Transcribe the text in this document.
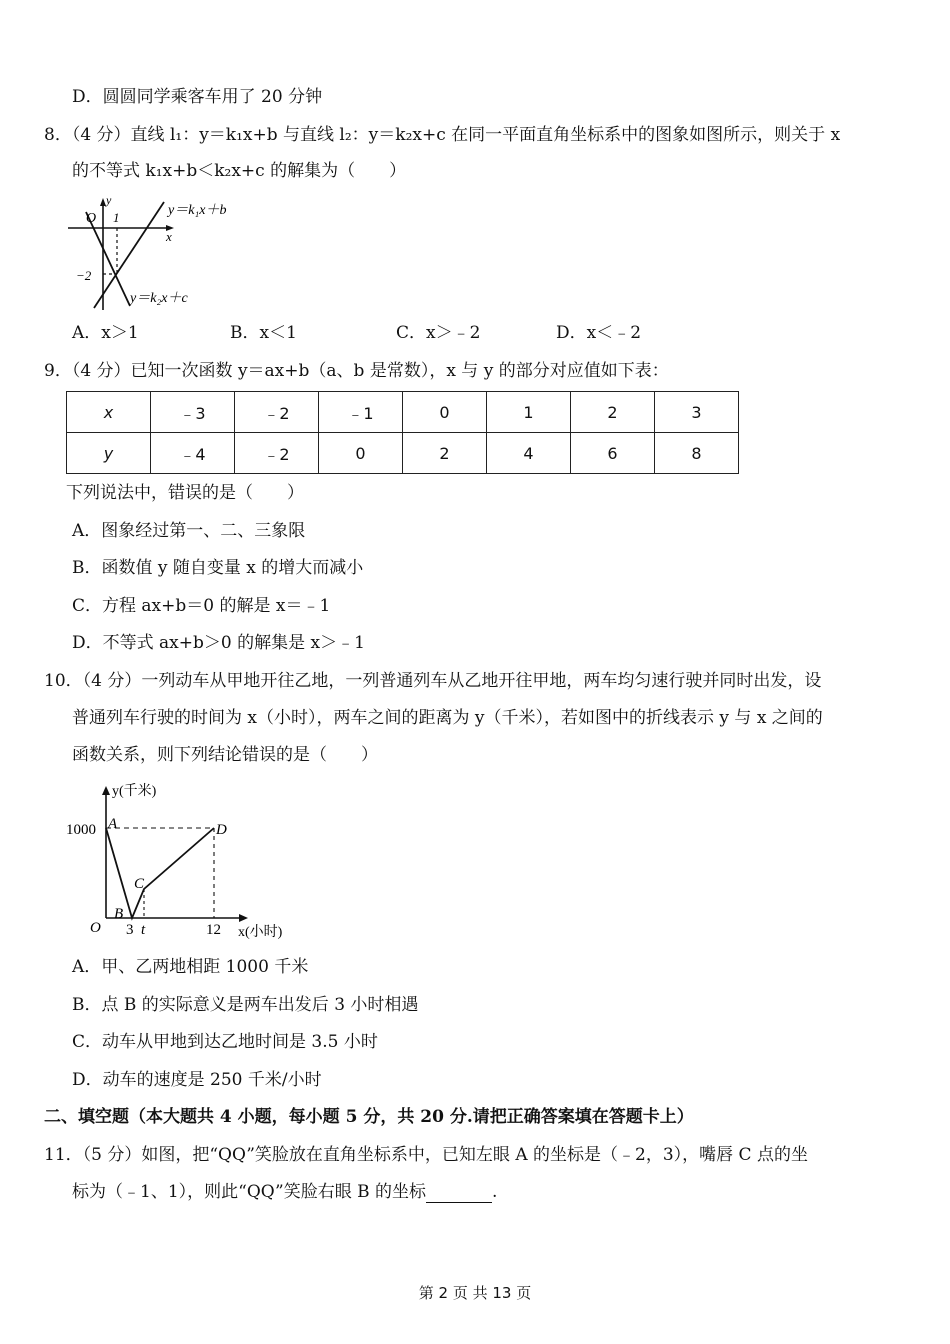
D．圆圆同学乘客车用了 20 分钟
8．（4 分）直线 l₁：y＝k₁x+b 与直线 l₂：y＝k₂x+c 在同一平面直角坐标系中的图象如图所示，则关于 x
的不等式 k₁x+b＜k₂x+c 的解集为（　　）
y
O 1
x
−2
y＝k₁x＋b
y＝k₂x＋c
A．x＞1	B．x＜1	C．x＞﹣2	D．x＜﹣2
9．（4 分）已知一次函数 y＝ax+b（a、b 是常数），x 与 y 的部分对应值如下表：
x	﹣3	﹣2	﹣1	0	1	2	3
y	﹣4	﹣2	0	2	4	6	8
下列说法中，错误的是（　　）
A．图象经过第一、二、三象限
B．函数值 y 随自变量 x 的增大而减小
C．方程 ax+b＝0 的解是 x＝﹣1
D．不等式 ax+b＞0 的解集是 x＞﹣1
10．（4 分）一列动车从甲地开往乙地，一列普通列车从乙地开往甲地，两车均匀速行驶并同时出发，设
普通列车行驶的时间为 x（小时），两车之间的距离为 y（千米），若如图中的折线表示 y 与 x 之间的
函数关系，则下列结论错误的是（　　）
y(千米)
1000 A	D
C
B
O 3 t	12 x(小时)
A．甲、乙两地相距 1000 千米
B．点 B 的实际意义是两车出发后 3 小时相遇
C．动车从甲地到达乙地时间是 3.5 小时
D．动车的速度是 250 千米/小时
二、填空题（本大题共 4 小题，每小题 5 分，共 20 分.请把正确答案填在答题卡上）
11．（5 分）如图，把“QQ”笑脸放在直角坐标系中，已知左眼 A 的坐标是（﹣2，3），嘴唇 C 点的坐
标为（﹣1、1），则此“QQ”笑脸右眼 B 的坐标	.
第 2 页 共 13 页
